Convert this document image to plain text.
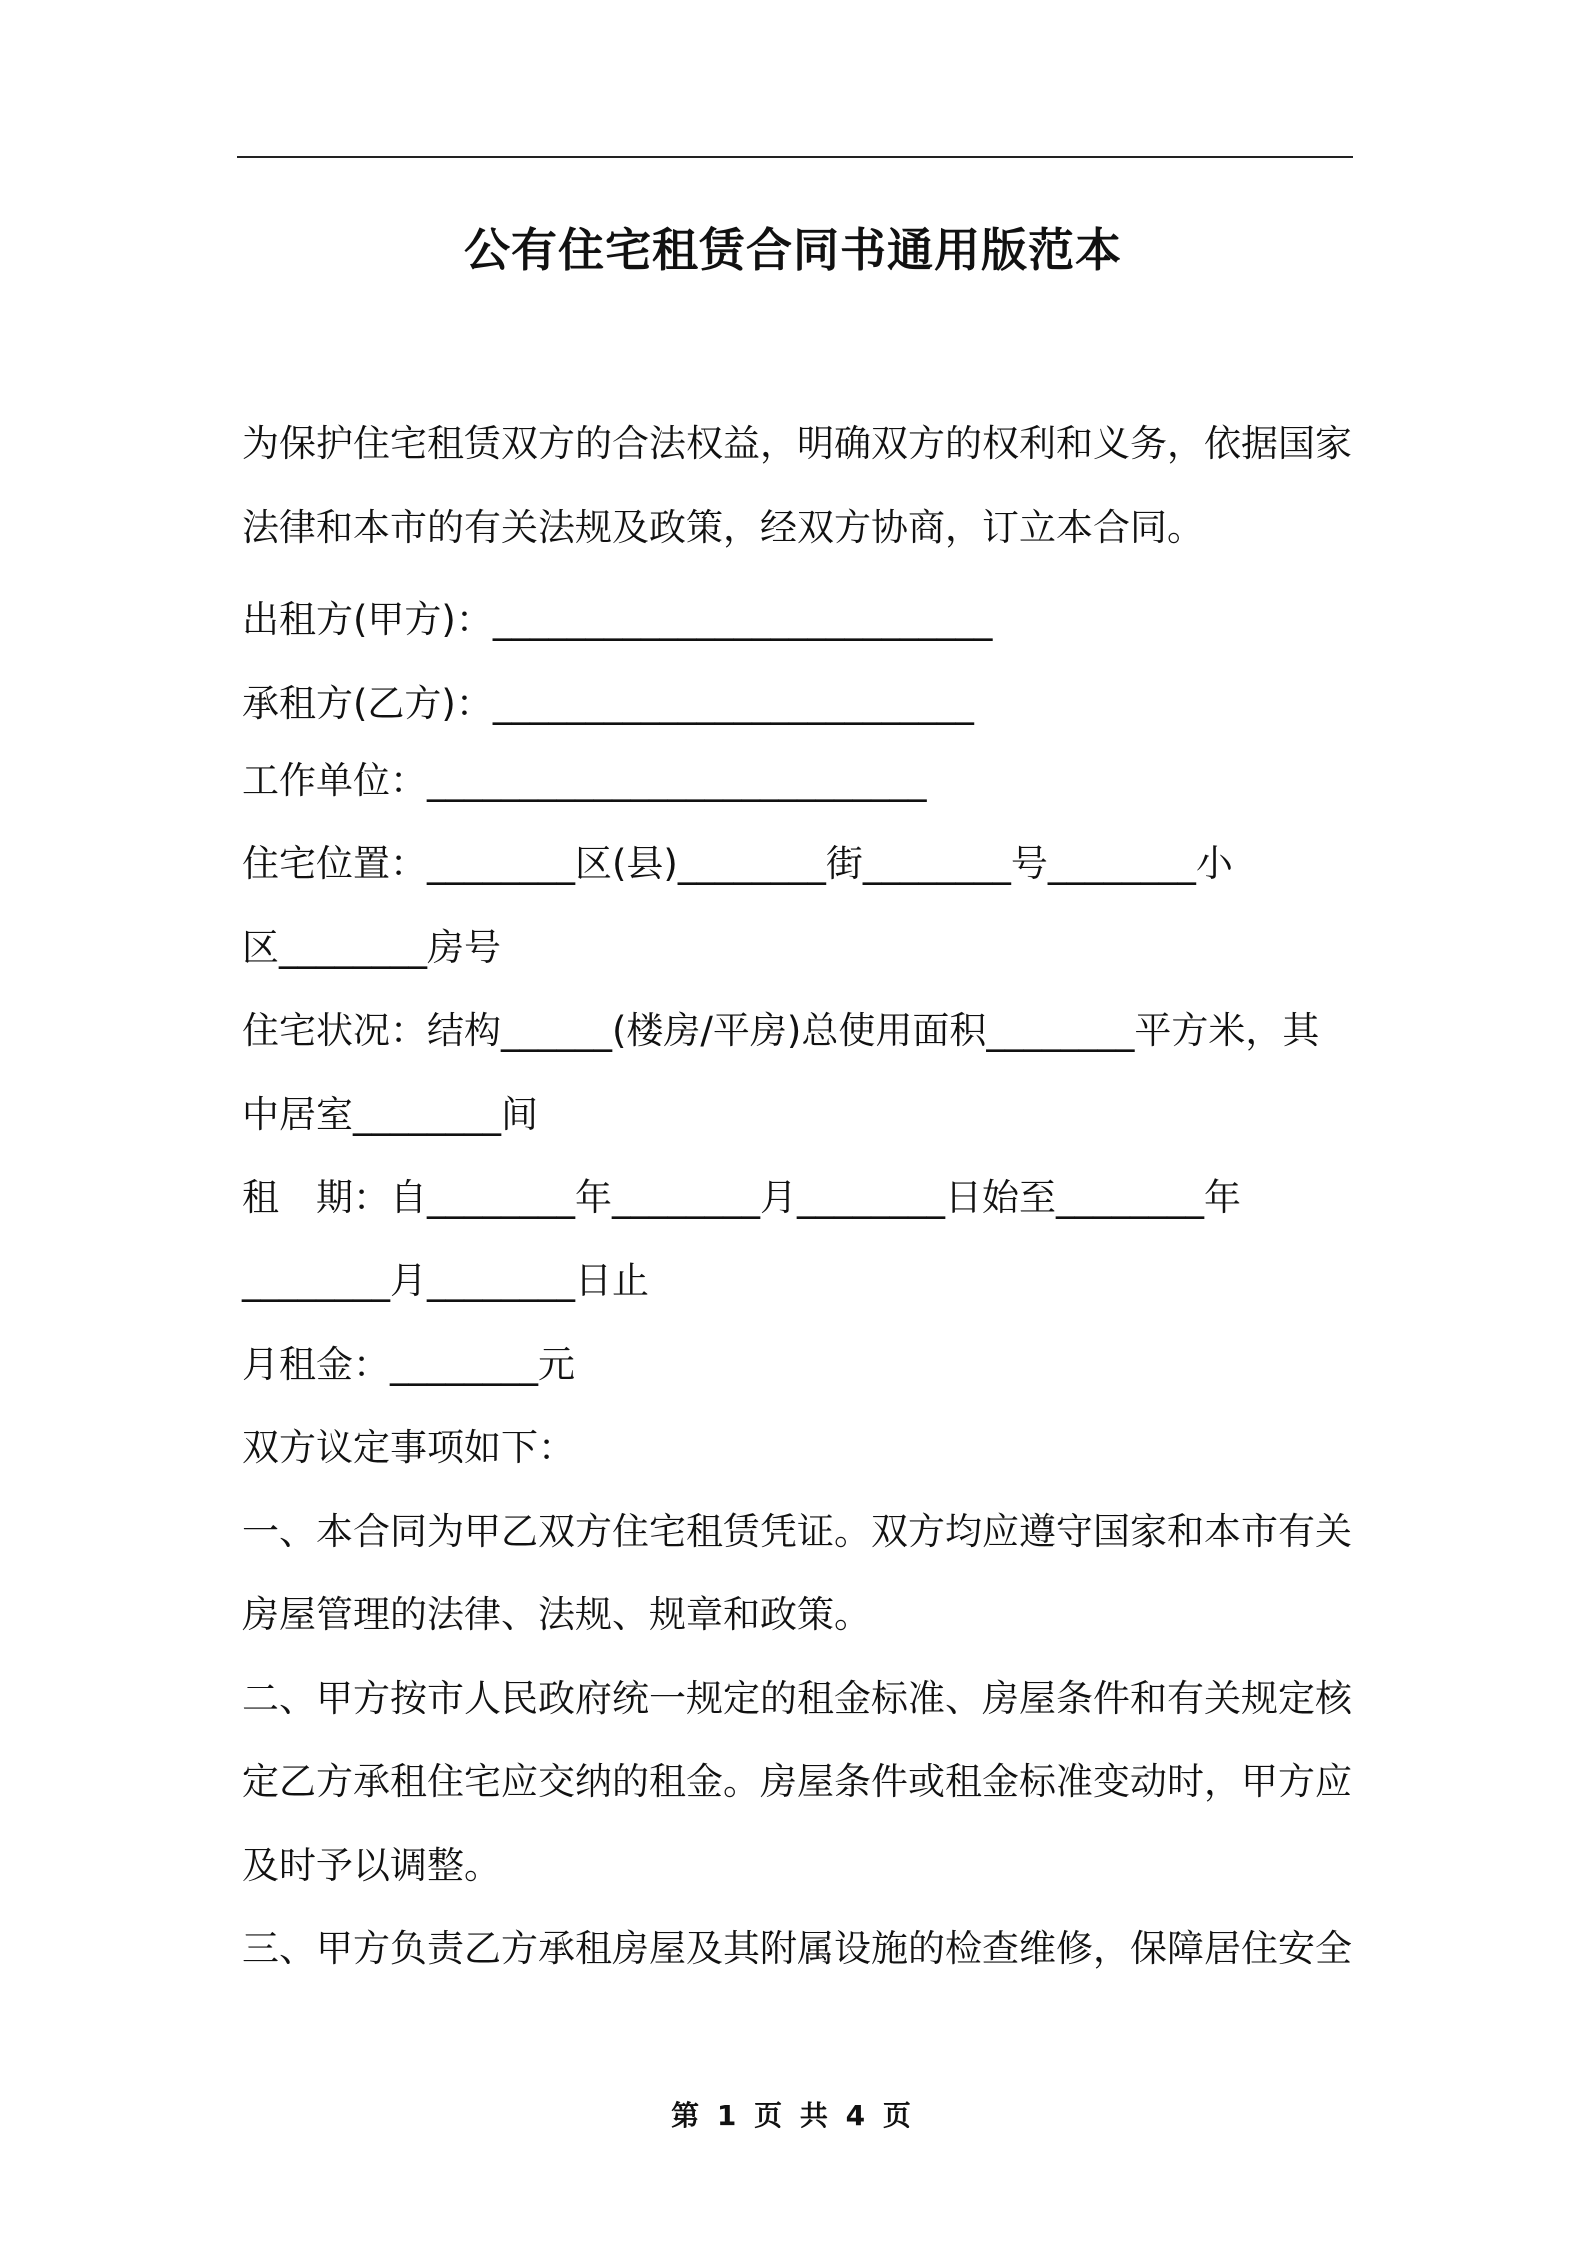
公有住宅租赁合同书通用版范本
为保护住宅租赁双方的合法权益，明确双方的权利和义务，依据国家
法律和本市的有关法规及政策，经双方协商，订立本合同。
出租方(甲方)：___________________________
承租方(乙方)：__________________________
工作单位：___________________________
住宅位置：________区(县)________街________号________小
区________房号
住宅状况：结构______(楼房/平房)总使用面积________平方米，其
中居室________间
租　期：自________年________月________日始至________年
________月________日止
月租金：________元
双方议定事项如下：
一、本合同为甲乙双方住宅租赁凭证。双方均应遵守国家和本市有关
房屋管理的法律、法规、规章和政策。
二、甲方按市人民政府统一规定的租金标准、房屋条件和有关规定核
定乙方承租住宅应交纳的租金。房屋条件或租金标准变动时，甲方应
及时予以调整。
三、甲方负责乙方承租房屋及其附属设施的检查维修，保障居住安全
第 1 页 共 4 页
